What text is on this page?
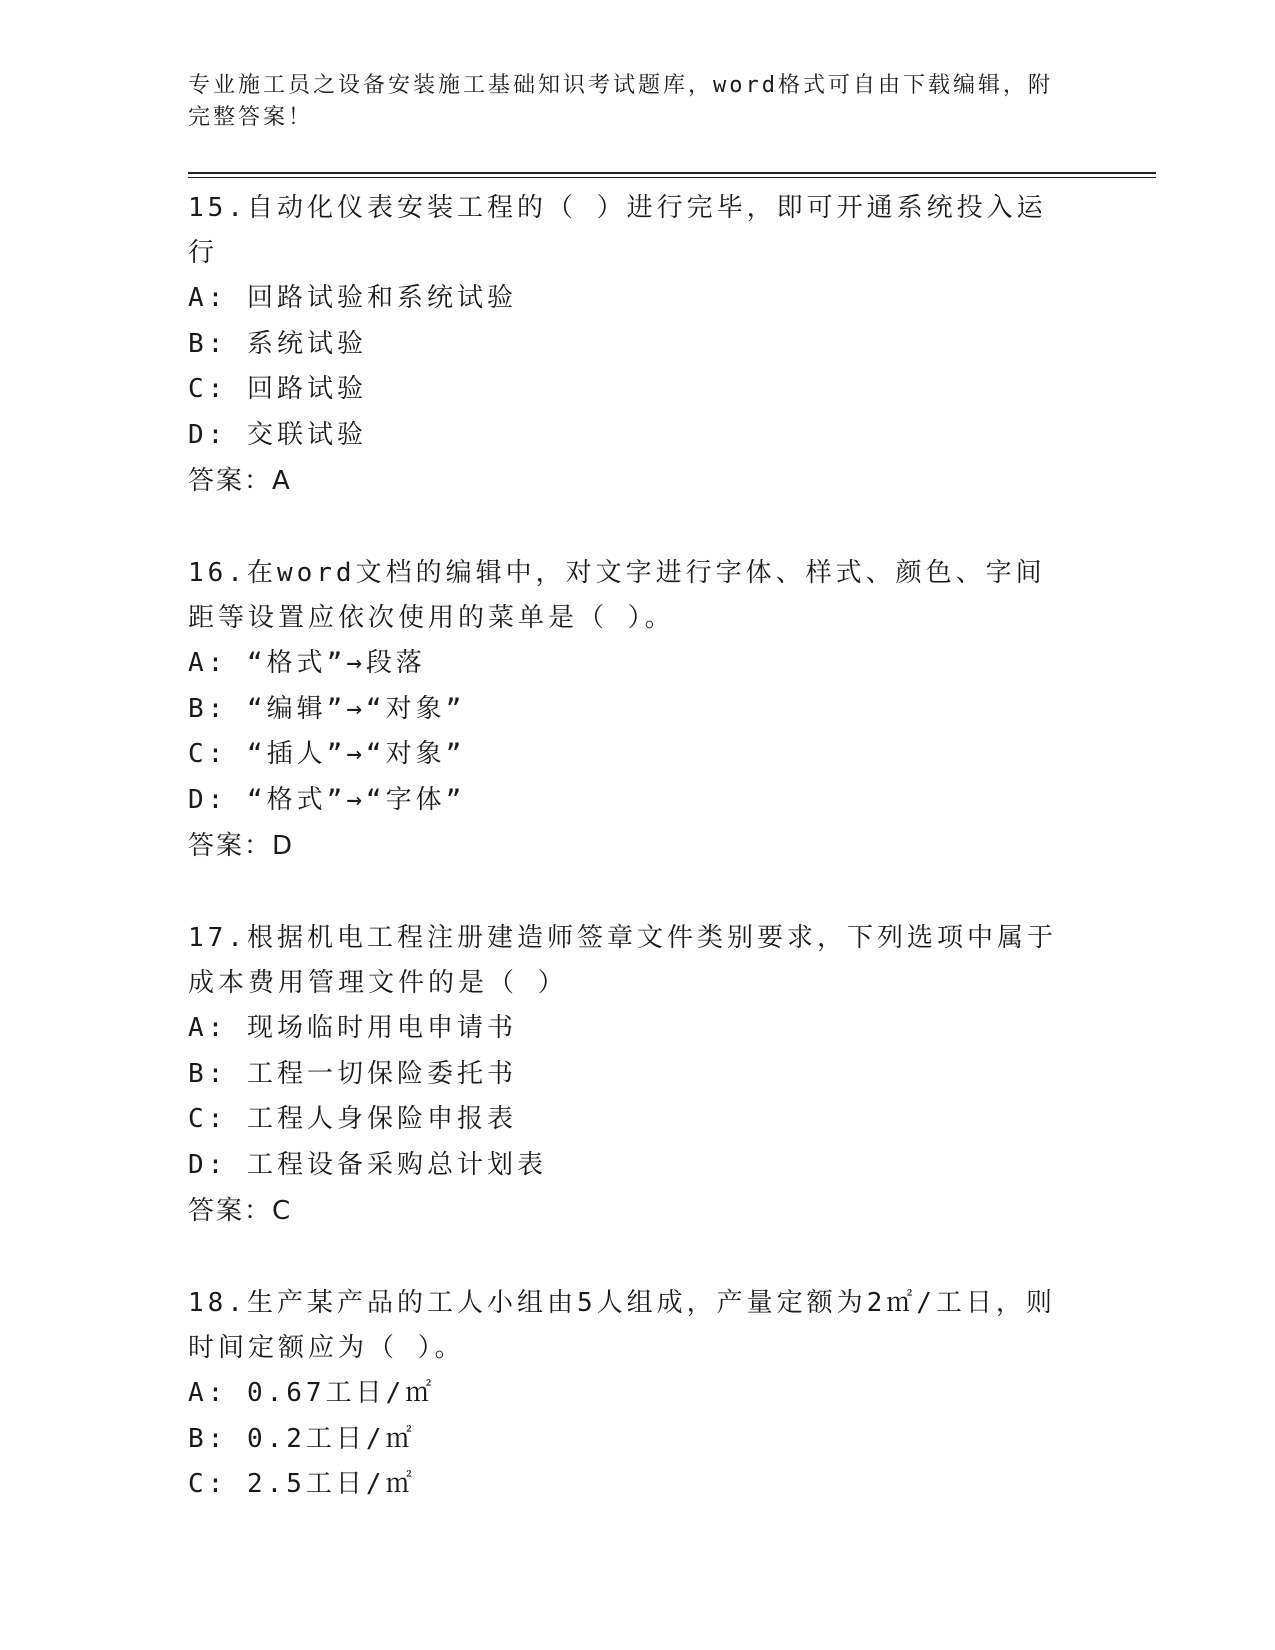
专业施工员之设备安装施工基础知识考试题库，word格式可自由下载编辑，附完整答案！

15.自动化仪表安装工程的（ ）进行完毕，即可开通系统投入运行

A: 回路试验和系统试验
B: 系统试验
C: 回路试验
D: 交联试验
答案：A

16.在word文档的编辑中，对文字进行字体、样式、颜色、字间距等设置应依次使用的菜单是（ ）。

A: “格式”→段落
B: “编辑”→“对象”
C: “插人”→“对象”
D: “格式”→“字体”
答案：D

17.根据机电工程注册建造师签章文件类别要求，下列选项中属于成本费用管理文件的是（ ）

A: 现场临时用电申请书
B: 工程一切保险委托书
C: 工程人身保险申报表
D: 工程设备采购总计划表
答案：C

18.生产某产品的工人小组由5人组成，产量定额为2㎡/工日，则时间定额应为（ ）。

A: 0.67工日/㎡
B: 0.2工日/㎡
C: 2.5工日/㎡
